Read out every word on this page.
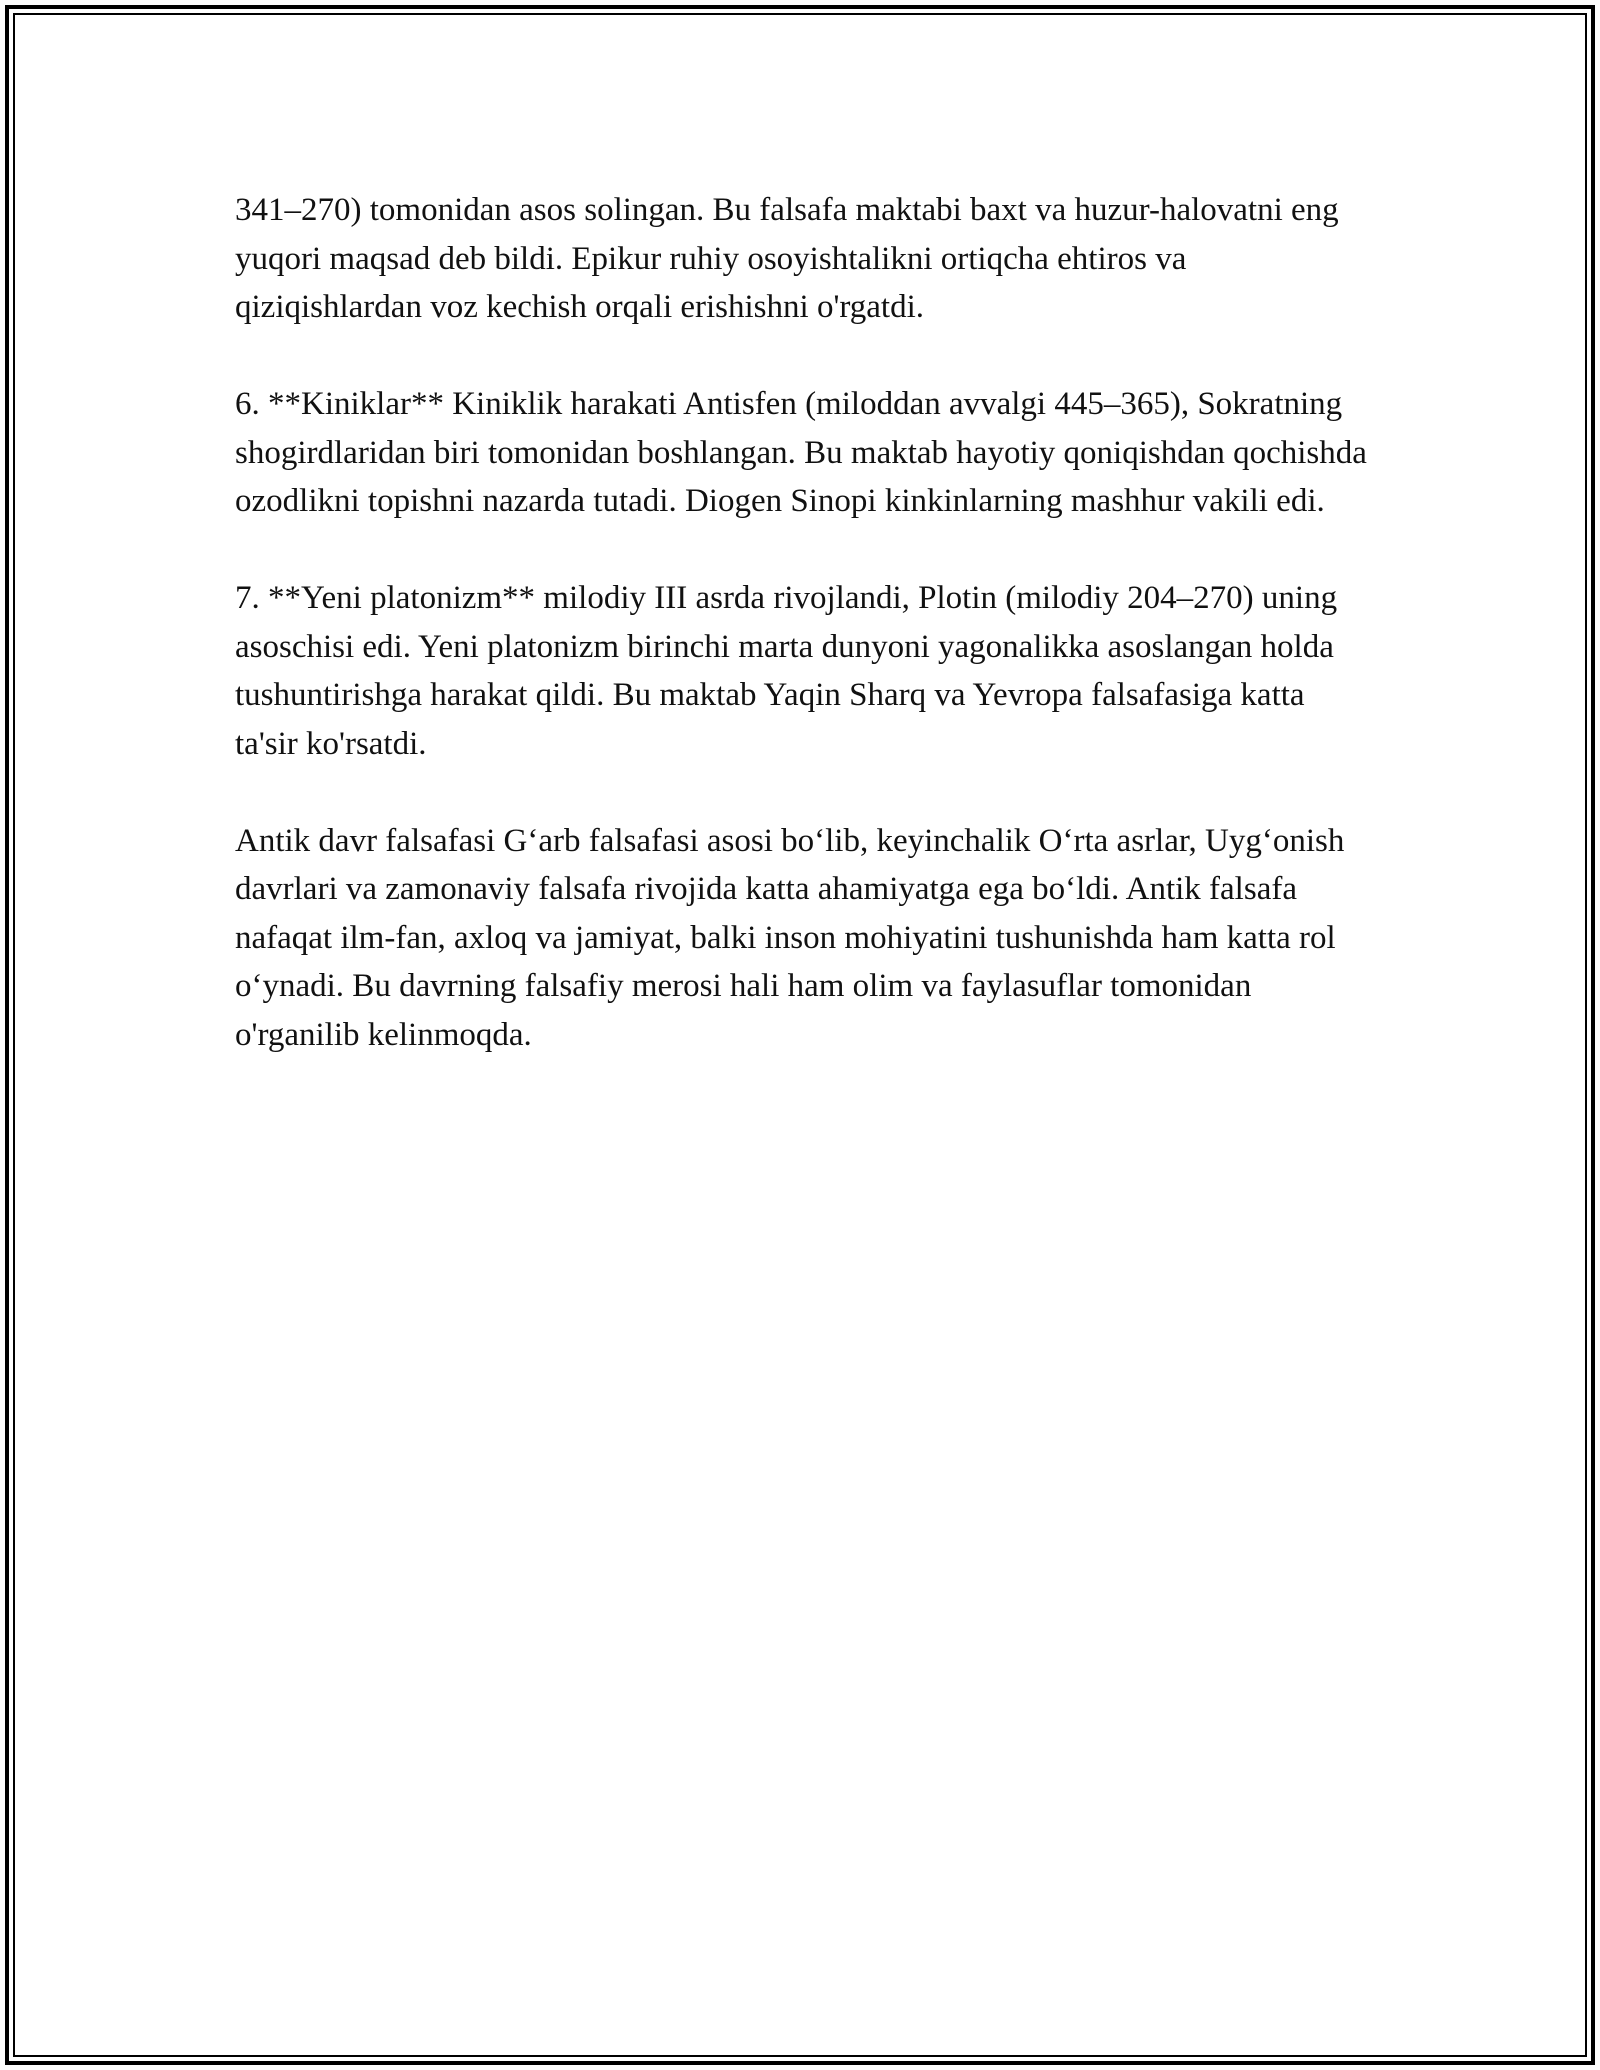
341–270) tomonidan asos solingan. Bu falsafa maktabi baxt va huzur-halovatni eng yuqori maqsad deb bildi. Epikur ruhiy osoyishtalikni ortiqcha ehtiros va qiziqishlardan voz kechish orqali erishishni o'rgatdi.

6. **Kiniklar** Kiniklik harakati Antisfen (miloddan avvalgi 445–365), Sokratning shogirdlaridan biri tomonidan boshlangan. Bu maktab hayotiy qoniqishdan qochishda ozodlikni topishni nazarda tutadi. Diogen Sinopi kinkinlarning mashhur vakili edi.

7. **Yeni platonizm** milodiy III asrda rivojlandi, Plotin (milodiy 204–270) uning asoschisi edi. Yeni platonizm birinchi marta dunyoni yagonalikka asoslangan holda tushuntirishga harakat qildi. Bu maktab Yaqin Sharq va Yevropa falsafasiga katta ta'sir ko'rsatdi.

Antik davr falsafasi G‘arb falsafasi asosi bo‘lib, keyinchalik O‘rta asrlar, Uyg‘onish davrlari va zamonaviy falsafa rivojida katta ahamiyatga ega bo‘ldi. Antik falsafa nafaqat ilm-fan, axloq va jamiyat, balki inson mohiyatini tushunishda ham katta rol o‘ynadi. Bu davrning falsafiy merosi hali ham olim va faylasuflar tomonidan o'rganilib kelinmoqda.
